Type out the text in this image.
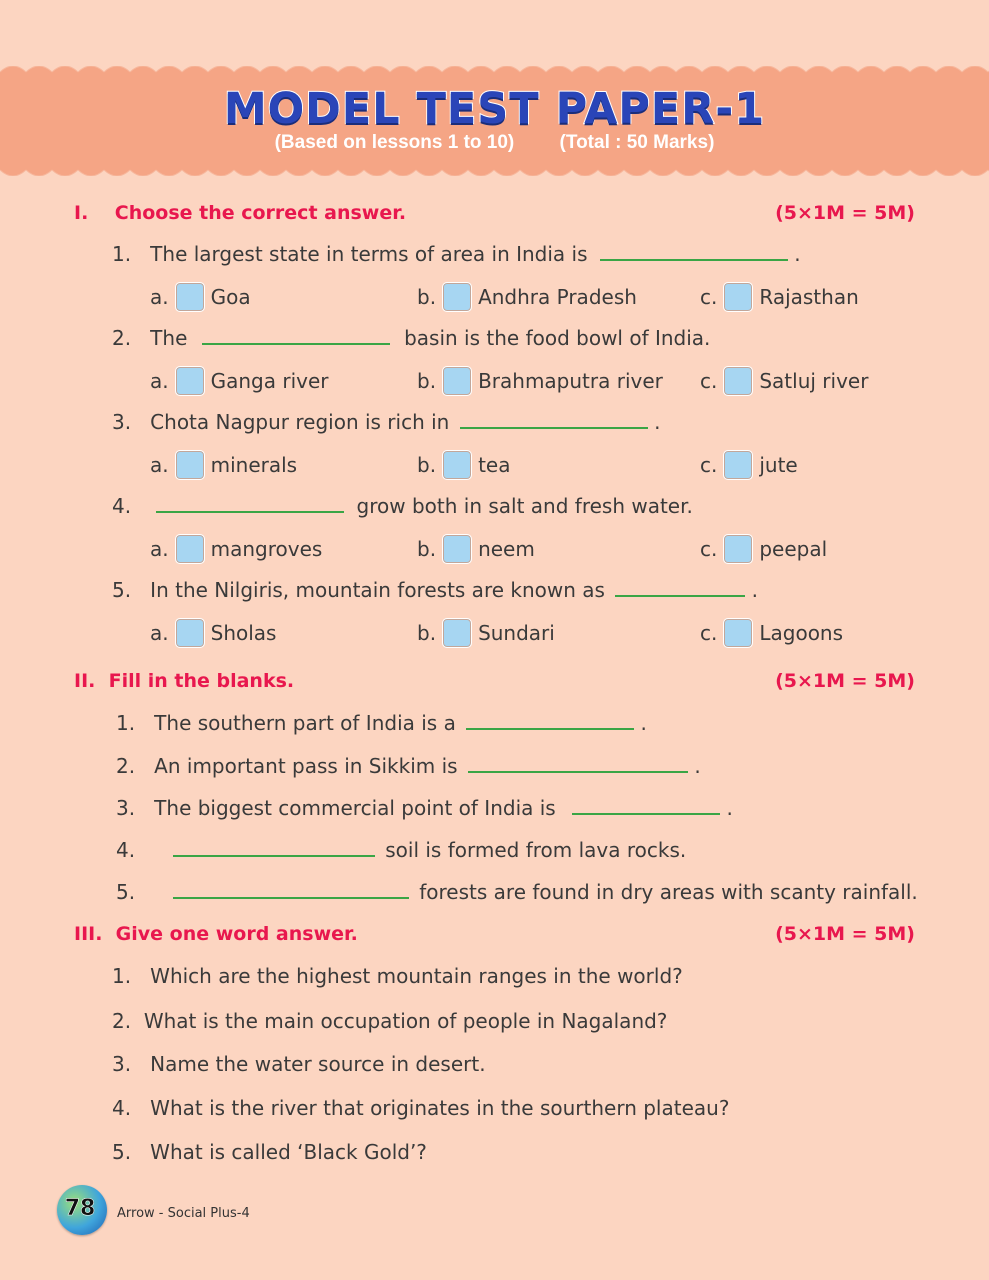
MODEL TEST PAPER-1
(Based on lessons 1 to 10) (Total : 50 Marks)
I.    Choose the correct answer.	(5×1M = 5M)
1. The largest state in terms of area in India is	.
a. Goa	b. Andhra Pradesh	c. Rajasthan
2. The	basin is the food bowl of India.
a. Ganga river	b. Brahmaputra river c. Satluj river
3. Chota Nagpur region is rich in	.
a. minerals	b. tea	c. jute
4.	grow both in salt and fresh water.
a. mangroves	b. neem	c. peepal
5. In the Nilgiris, mountain forests are known as	.
a. Sholas	b. Sundari	c. Lagoons
II.  Fill in the blanks.	(5×1M = 5M)
1. The southern part of India is a	.
2. An important pass in Sikkim is	.
3. The biggest commercial point of India is	.
4.	soil is formed from lava rocks.
5.	forests are found in dry areas with scanty rainfall.
III.  Give one word answer.	(5×1M = 5M)
1. Which are the highest mountain ranges in the world?
2. What is the main occupation of people in Nagaland?
3. Name the water source in desert.
4. What is the river that originates in the sourthern plateau?
5. What is called ‘Black Gold’?
78	Arrow - Social Plus-4
